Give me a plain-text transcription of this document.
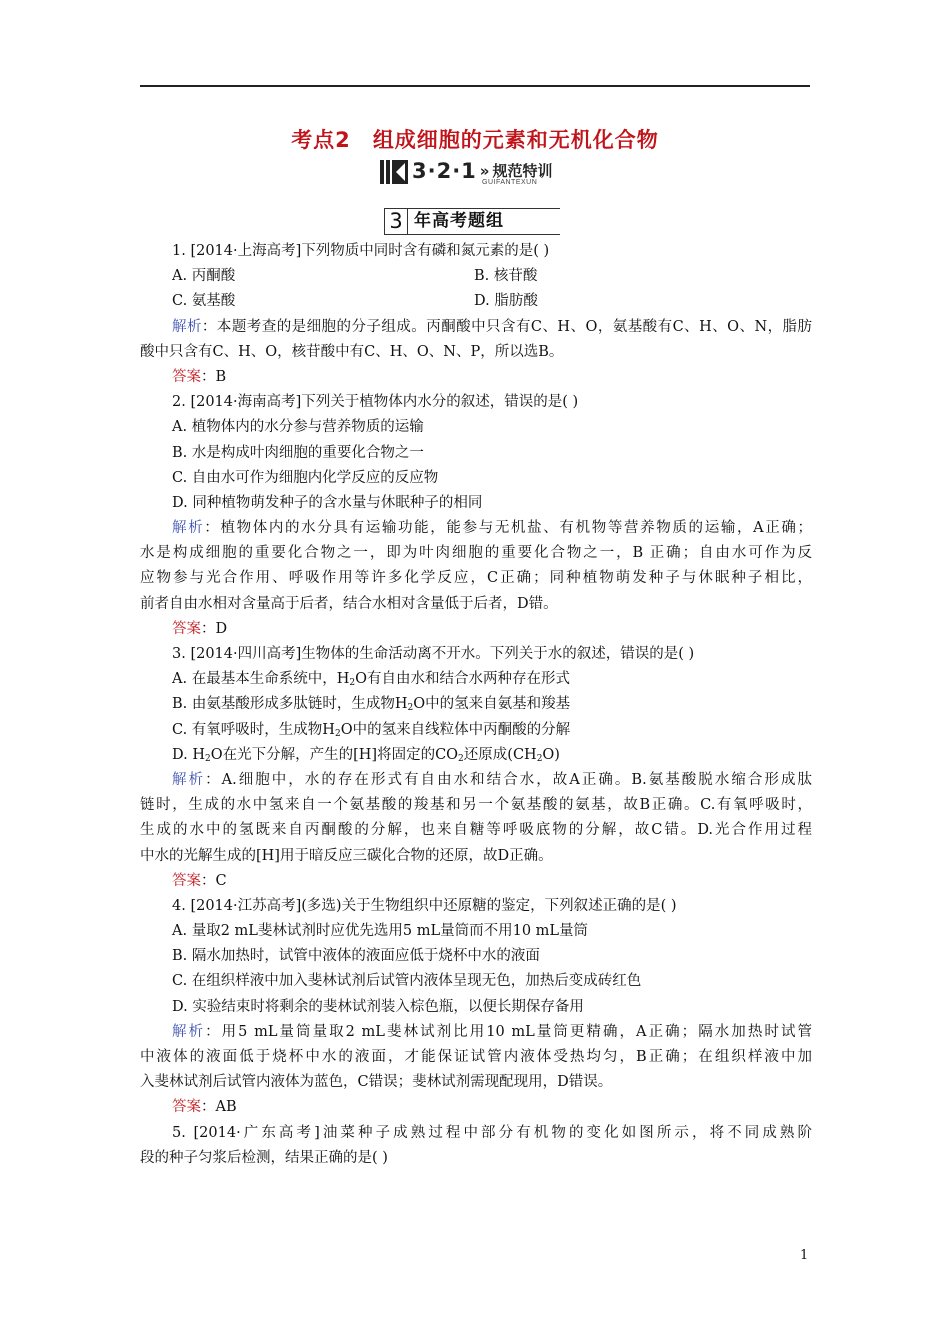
考点2 组成细胞的元素和无机化合物
3·2·1 » 规范特训
GUIFANTEXUN
3 年高考题组
1. [2014·上海高考]下列物质中同时含有磷和氮元素的是( )
A. 丙酮酸	B. 核苷酸
C. 氨基酸	D. 脂肪酸
解析：本题考查的是细胞的分子组成。丙酮酸中只含有C、H、O，氨基酸有C、H、O、N，脂肪
酸中只含有C、H、O，核苷酸中有C、H、O、N、P，所以选B。
答案：B
2. [2014·海南高考]下列关于植物体内水分的叙述，错误的是( )
A. 植物体内的水分参与营养物质的运输
B. 水是构成叶肉细胞的重要化合物之一
C. 自由水可作为细胞内化学反应的反应物
D. 同种植物萌发种子的含水量与休眠种子的相同
解析：植物体内的水分具有运输功能，能参与无机盐、有机物等营养物质的运输，A正确；
水是构成细胞的重要化合物之一，即为叶肉细胞的重要化合物之一，B 正确；自由水可作为反
应物参与光合作用、呼吸作用等许多化学反应，C正确；同种植物萌发种子与休眠种子相比，
前者自由水相对含量高于后者，结合水相对含量低于后者，D错。
答案：D
3. [2014·四川高考]生物体的生命活动离不开水。下列关于水的叙述，错误的是( )
A. 在最基本生命系统中，$H_2O$有自由水和结合水两种存在形式
B. 由氨基酸形成多肽链时，生成物$H_2O$中的氢来自氨基和羧基
C. 有氧呼吸时，生成物$H_2O$中的氢来自线粒体中丙酮酸的分解
D. $H_2O$在光下分解，产生的[H]将固定的$CO_2$还原成$(CH_2O)$
解析：A.细胞中，水的存在形式有自由水和结合水，故A正确。B.氨基酸脱水缩合形成肽
链时，生成的水中氢来自一个氨基酸的羧基和另一个氨基酸的氨基，故B正确。C.有氧呼吸时，
生成的水中的氢既来自丙酮酸的分解，也来自糖等呼吸底物的分解，故C错。D.光合作用过程
中水的光解生成的[H]用于暗反应三碳化合物的还原，故D正确。
答案：C
4. [2014·江苏高考](多选)关于生物组织中还原糖的鉴定，下列叙述正确的是( )
A. 量取2 mL斐林试剂时应优先选用5 mL量筒而不用10 mL量筒
B. 隔水加热时，试管中液体的液面应低于烧杯中水的液面
C. 在组织样液中加入斐林试剂后试管内液体呈现无色，加热后变成砖红色
D. 实验结束时将剩余的斐林试剂装入棕色瓶，以便长期保存备用
解析：用5 mL量筒量取2 mL斐林试剂比用10 mL量筒更精确，A正确；隔水加热时试管
中液体的液面低于烧杯中水的液面，才能保证试管内液体受热均匀，B正确；在组织样液中加
入斐林试剂后试管内液体为蓝色，C错误；斐林试剂需现配现用，D错误。
答案：AB
5. [2014·广东高考]油菜种子成熟过程中部分有机物的变化如图所示，将不同成熟阶
段的种子匀浆后检测，结果正确的是( )
1
